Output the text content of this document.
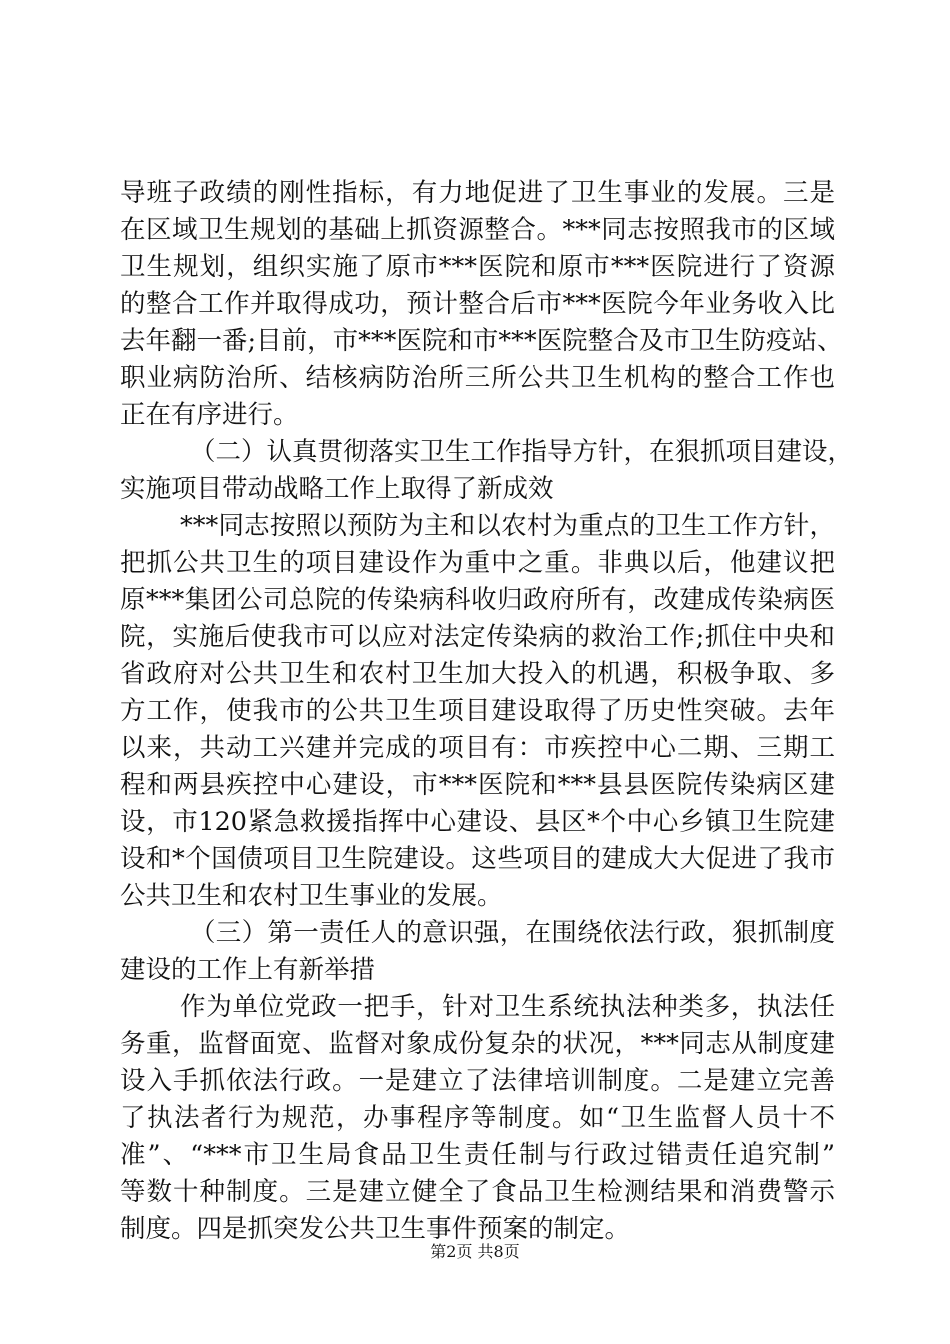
导班子政绩的刚性指标，有力地促进了卫生事业的发展。三是
在区域卫生规划的基础上抓资源整合。***同志按照我市的区域
卫生规划，组织实施了原市***医院和原市***医院进行了资源
的整合工作并取得成功，预计整合后市***医院今年业务收入比
去年翻一番;目前，市***医院和市***医院整合及市卫生防疫站、
职业病防治所、结核病防治所三所公共卫生机构的整合工作也
正在有序进行。
（二）认真贯彻落实卫生工作指导方针，在狠抓项目建设，
实施项目带动战略工作上取得了新成效
***同志按照以预防为主和以农村为重点的卫生工作方针，
把抓公共卫生的项目建设作为重中之重。非典以后，他建议把
原***集团公司总院的传染病科收归政府所有，改建成传染病医
院，实施后使我市可以应对法定传染病的救治工作;抓住中央和
省政府对公共卫生和农村卫生加大投入的机遇，积极争取、多
方工作，使我市的公共卫生项目建设取得了历史性突破。去年
以来，共动工兴建并完成的项目有：市疾控中心二期、三期工
程和两县疾控中心建设，市***医院和***县县医院传染病区建
设，市120紧急救援指挥中心建设、县区*个中心乡镇卫生院建
设和*个国债项目卫生院建设。这些项目的建成大大促进了我市
公共卫生和农村卫生事业的发展。
（三）第一责任人的意识强，在围绕依法行政，狠抓制度
建设的工作上有新举措
作为单位党政一把手，针对卫生系统执法种类多，执法任
务重，监督面宽、监督对象成份复杂的状况，***同志从制度建
设入手抓依法行政。一是建立了法律培训制度。二是建立完善
了执法者行为规范，办事程序等制度。如“卫生监督人员十不
准”、“***市卫生局食品卫生责任制与行政过错责任追究制”
等数十种制度。三是建立健全了食品卫生检测结果和消费警示
制度。四是抓突发公共卫生事件预案的制定。
第2页 共8页
